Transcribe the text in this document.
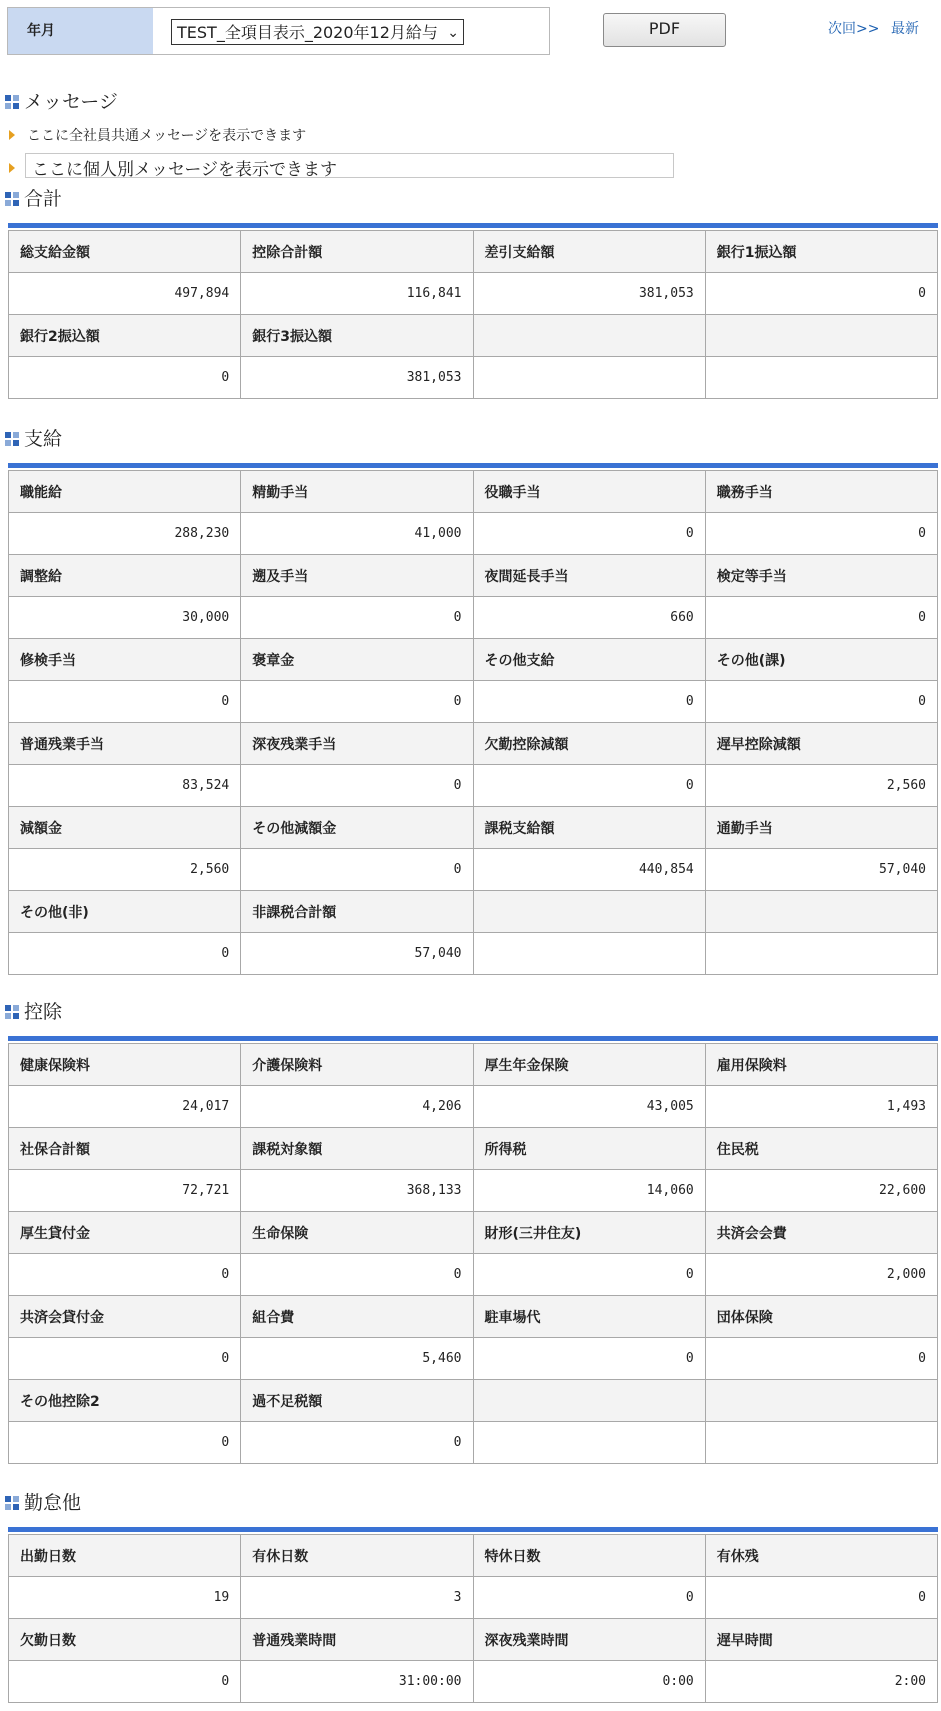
年月	TEST_全項目表示_2020年12月給与 ⌄	PDF	次回>> 最新
メッセージ
ここに全社員共通メッセージを表示できます
ここに個人別メッセージを表示できます
合計
総支給金額	控除合計額	差引支給額	銀行1振込額
497,894	116,841	381,053	0
銀行2振込額	銀行3振込額		
0	381,053		
支給
職能給	精勤手当	役職手当	職務手当
288,230	41,000	0	0
調整給	遡及手当	夜間延長手当	検定等手当
30,000	0	660	0
修検手当	褒章金	その他支給	その他(課)
0	0	0	0
普通残業手当	深夜残業手当	欠勤控除減額	遅早控除減額
83,524	0	0	2,560
減額金	その他減額金	課税支給額	通勤手当
2,560	0	440,854	57,040
その他(非)	非課税合計額		
0	57,040		
控除
健康保険料	介護保険料	厚生年金保険	雇用保険料
24,017	4,206	43,005	1,493
社保合計額	課税対象額	所得税	住民税
72,721	368,133	14,060	22,600
厚生貸付金	生命保険	財形(三井住友)	共済会会費
0	0	0	2,000
共済会貸付金	組合費	駐車場代	団体保険
0	5,460	0	0
その他控除2	過不足税額		
0	0		
勤怠他
出勤日数	有休日数	特休日数	有休残
19	3	0	0
欠勤日数	普通残業時間	深夜残業時間	遅早時間
0	31:00:00	0:00	2:00
